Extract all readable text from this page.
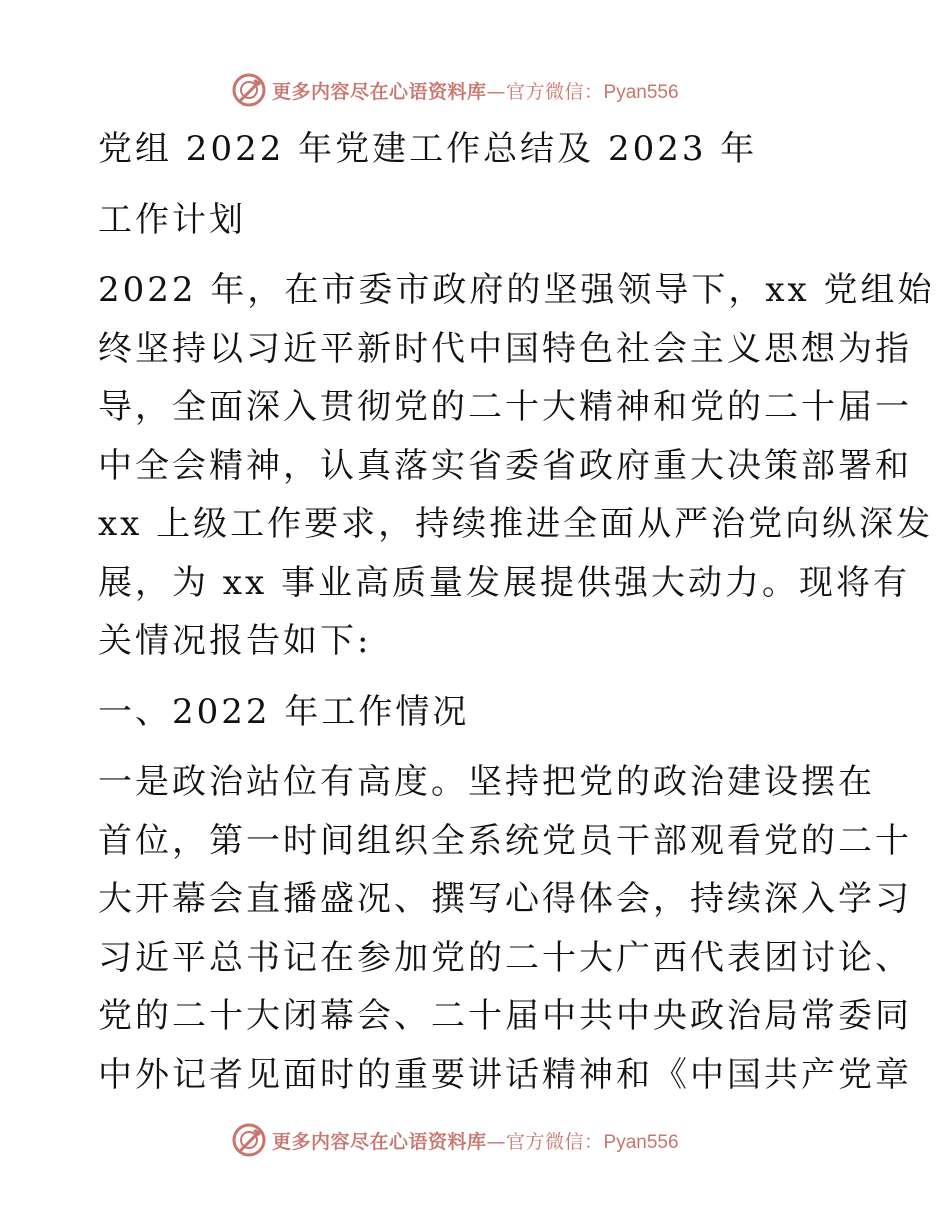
更多内容尽在心语资料库—官方微信：Pyan556
党组 2022 年党建工作总结及 2023 年
工作计划
2022 年，在市委市政府的坚强领导下，xx 党组始
终坚持以习近平新时代中国特色社会主义思想为指
导，全面深入贯彻党的二十大精神和党的二十届一
中全会精神，认真落实省委省政府重大决策部署和
xx 上级工作要求，持续推进全面从严治党向纵深发
展，为 xx 事业高质量发展提供强大动力。现将有
关情况报告如下:
一、2022 年工作情况
一是政治站位有高度。坚持把党的政治建设摆在
首位，第一时间组织全系统党员干部观看党的二十
大开幕会直播盛况、撰写心得体会，持续深入学习
习近平总书记在参加党的二十大广西代表团讨论、
党的二十大闭幕会、二十届中共中央政治局常委同
中外记者见面时的重要讲话精神和《中国共产党章
更多内容尽在心语资料库—官方微信：Pyan556
